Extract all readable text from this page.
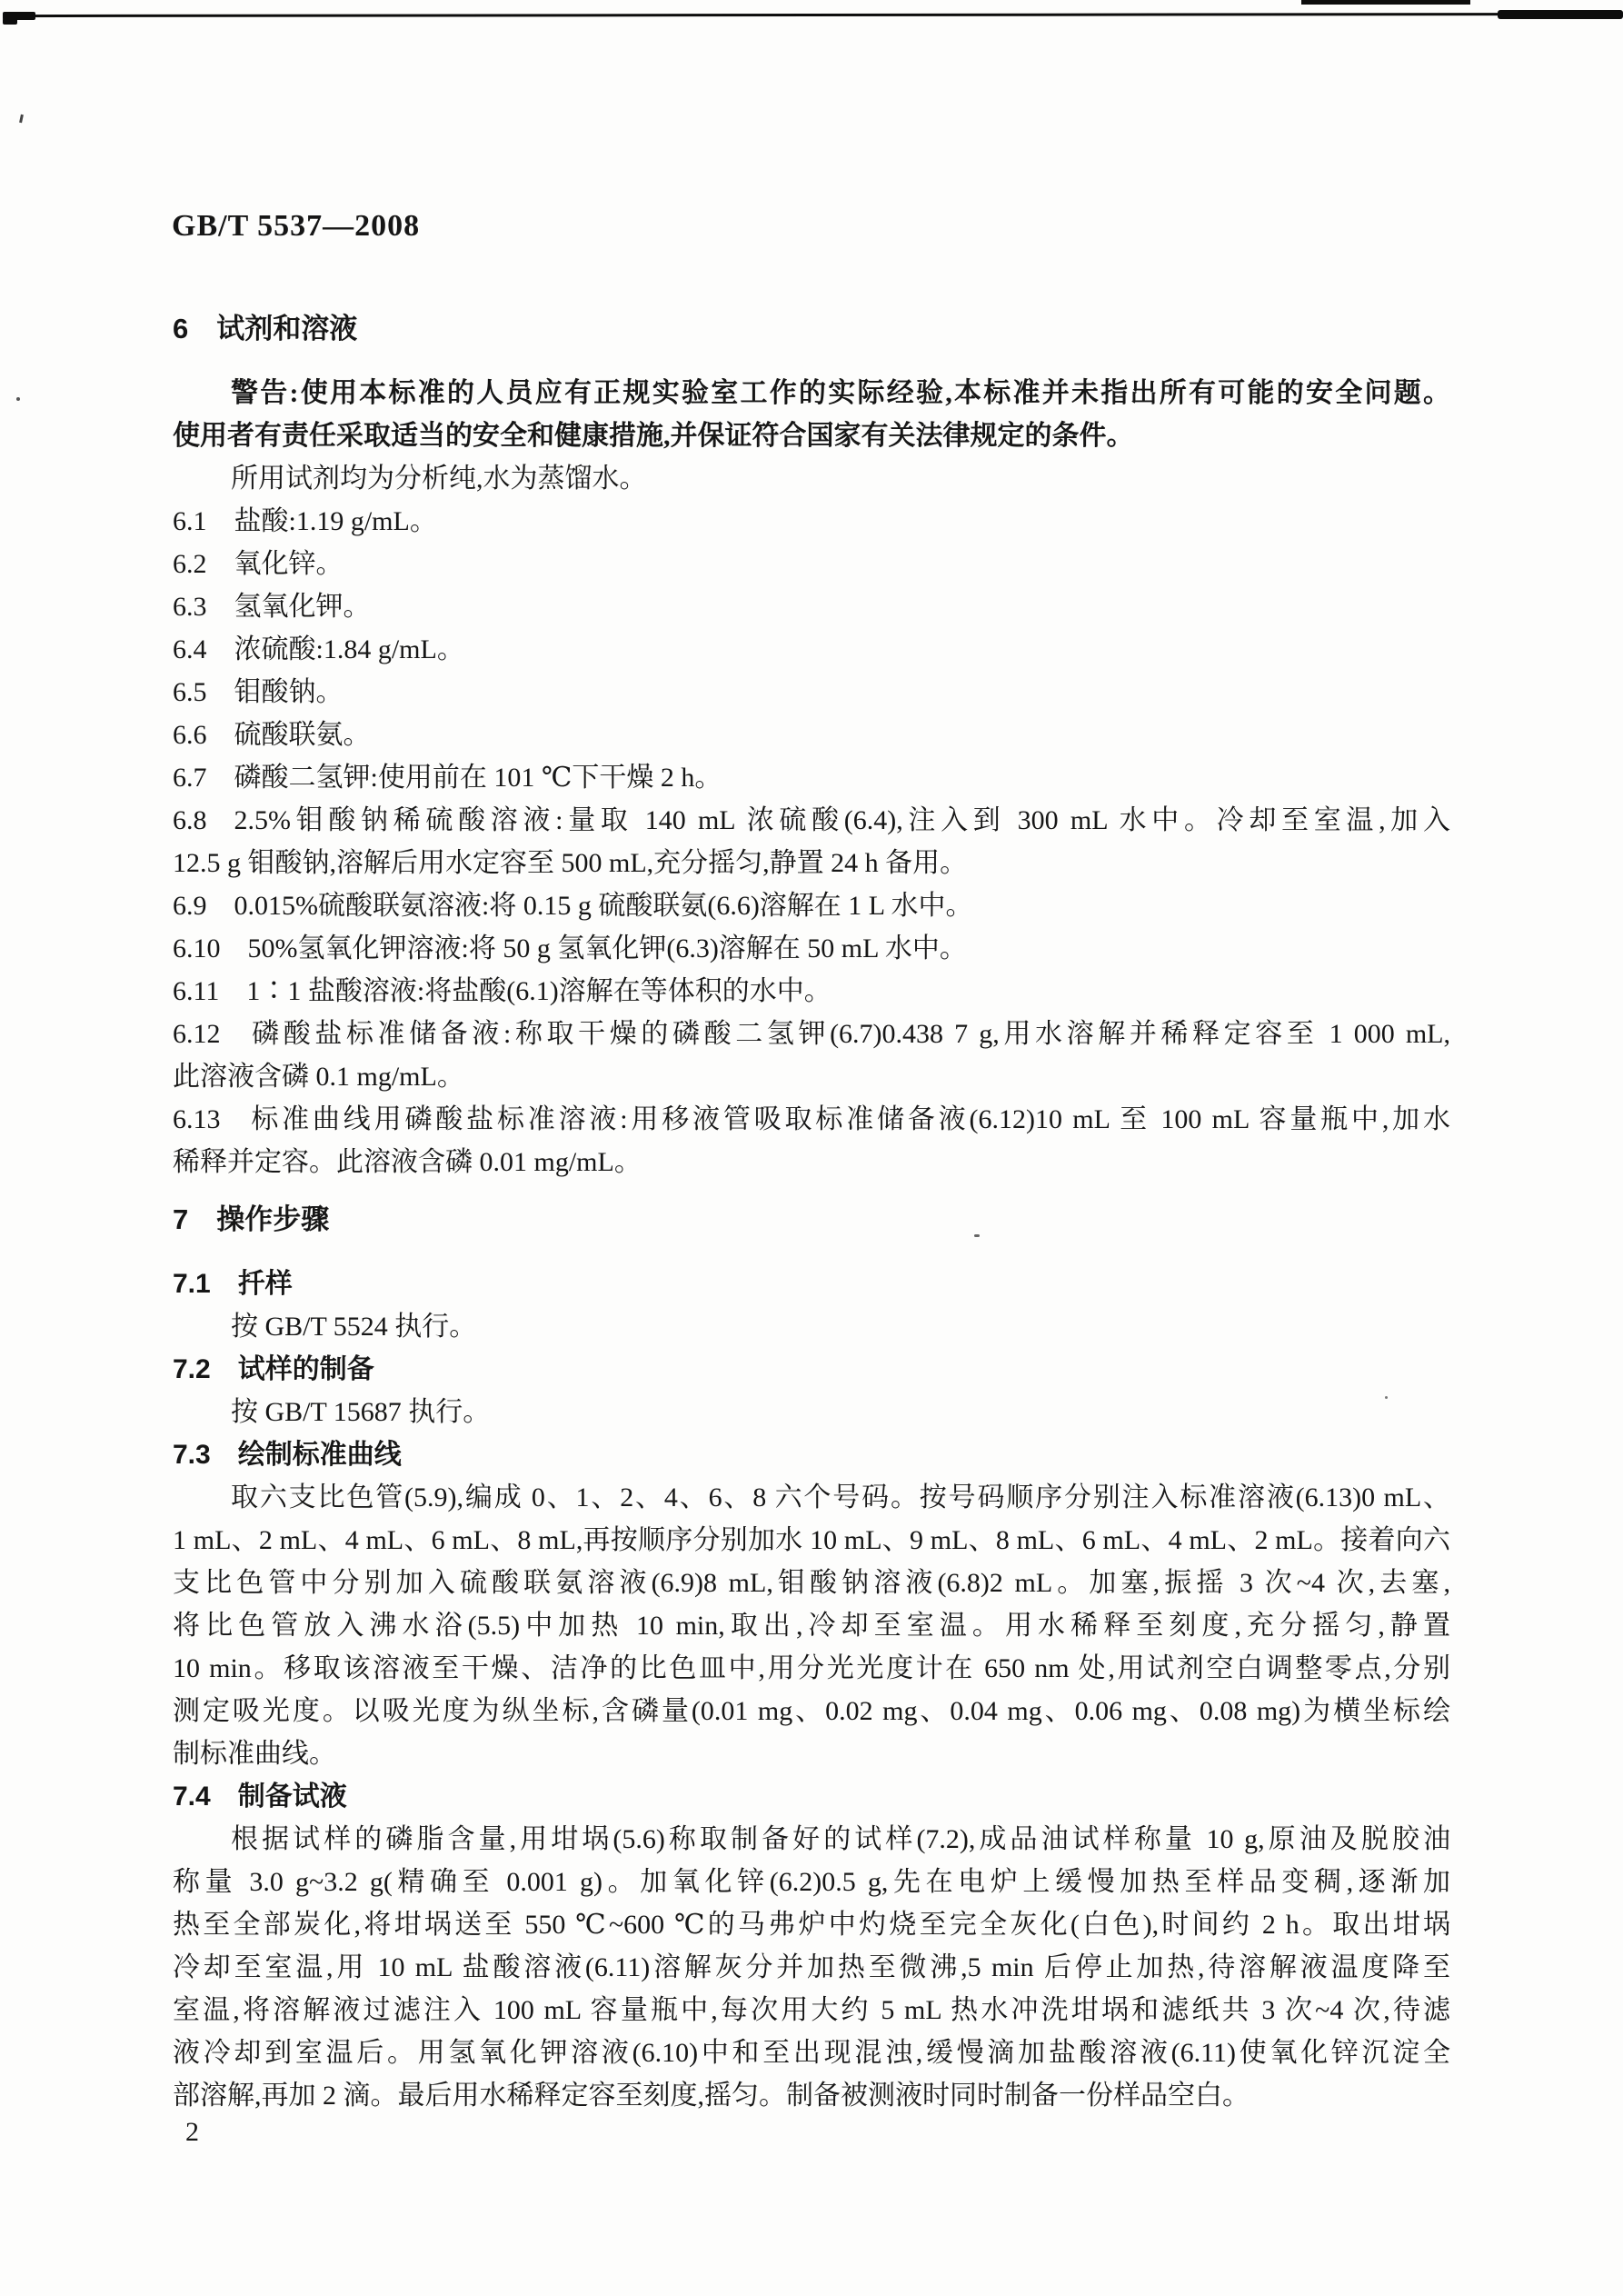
GB/T 5537—2008
6 试剂和溶液
警告:使用本标准的人员应有正规实验室工作的实际经验,本标准并未指出所有可能的安全问题。
使用者有责任采取适当的安全和健康措施,并保证符合国家有关法律规定的条件。
所用试剂均为分析纯,水为蒸馏水。
6.1 盐酸:1.19 g/mL。
6.2 氧化锌。
6.3 氢氧化钾。
6.4 浓硫酸:1.84 g/mL。
6.5 钼酸钠。
6.6 硫酸联氨。
6.7 磷酸二氢钾:使用前在 101 ℃下干燥 2 h。
6.8 2.5%钼酸钠稀硫酸溶液:量取 140 mL 浓硫酸(6.4),注入到 300 mL 水中。冷却至室温,加入
12.5 g 钼酸钠,溶解后用水定容至 500 mL,充分摇匀,静置 24 h 备用。
6.9 0.015%硫酸联氨溶液:将 0.15 g 硫酸联氨(6.6)溶解在 1 L 水中。
6.10 50%氢氧化钾溶液:将 50 g 氢氧化钾(6.3)溶解在 50 mL 水中。
6.11 1∶1 盐酸溶液:将盐酸(6.1)溶解在等体积的水中。
6.12 磷酸盐标准储备液:称取干燥的磷酸二氢钾(6.7)0.438 7 g,用水溶解并稀释定容至 1 000 mL,
此溶液含磷 0.1 mg/mL。
6.13 标准曲线用磷酸盐标准溶液:用移液管吸取标准储备液(6.12)10 mL 至 100 mL 容量瓶中,加水
稀释并定容。此溶液含磷 0.01 mg/mL。
7 操作步骤
7.1 扦样
按 GB/T 5524 执行。
7.2 试样的制备
按 GB/T 15687 执行。
7.3 绘制标准曲线
取六支比色管(5.9),编成 0、1、2、4、6、8 六个号码。按号码顺序分别注入标准溶液(6.13)0 mL、
1 mL、2 mL、4 mL、6 mL、8 mL,再按顺序分别加水 10 mL、9 mL、8 mL、6 mL、4 mL、2 mL。接着向六
支比色管中分别加入硫酸联氨溶液(6.9)8 mL,钼酸钠溶液(6.8)2 mL。加塞,振摇 3 次~4 次,去塞,
将比色管放入沸水浴(5.5)中加热 10 min,取出,冷却至室温。用水稀释至刻度,充分摇匀,静置
10 min。移取该溶液至干燥、洁净的比色皿中,用分光光度计在 650 nm 处,用试剂空白调整零点,分别
测定吸光度。以吸光度为纵坐标,含磷量(0.01 mg、0.02 mg、0.04 mg、0.06 mg、0.08 mg)为横坐标绘
制标准曲线。
7.4 制备试液
根据试样的磷脂含量,用坩埚(5.6)称取制备好的试样(7.2),成品油试样称量 10 g,原油及脱胶油
称量 3.0 g~3.2 g(精确至 0.001 g)。加氧化锌(6.2)0.5 g,先在电炉上缓慢加热至样品变稠,逐渐加
热至全部炭化,将坩埚送至 550 ℃~600 ℃的马弗炉中灼烧至完全灰化(白色),时间约 2 h。取出坩埚
冷却至室温,用 10 mL 盐酸溶液(6.11)溶解灰分并加热至微沸,5 min 后停止加热,待溶解液温度降至
室温,将溶解液过滤注入 100 mL 容量瓶中,每次用大约 5 mL 热水冲洗坩埚和滤纸共 3 次~4 次,待滤
液冷却到室温后。用氢氧化钾溶液(6.10)中和至出现混浊,缓慢滴加盐酸溶液(6.11)使氧化锌沉淀全
部溶解,再加 2 滴。最后用水稀释定容至刻度,摇匀。制备被测液时同时制备一份样品空白。
2
